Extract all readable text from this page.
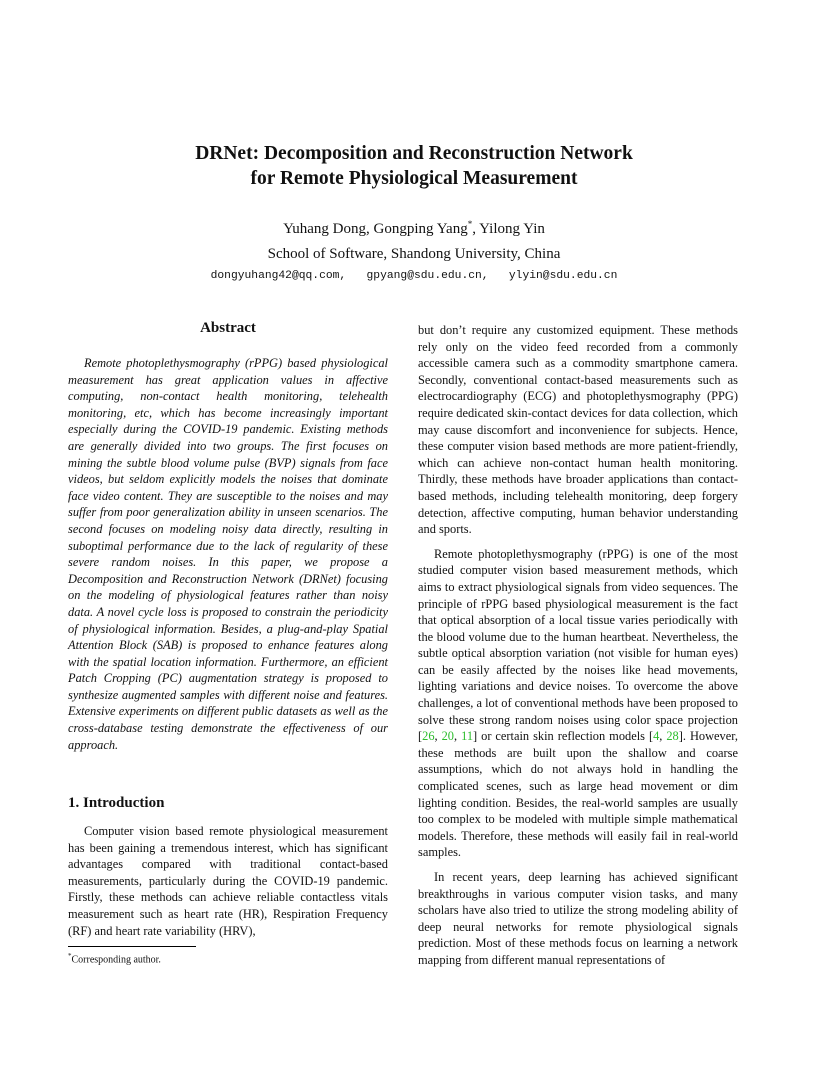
DRNet: Decomposition and Reconstruction Network
for Remote Physiological Measurement
Yuhang Dong, Gongping Yang*, Yilong Yin
School of Software, Shandong University, China
dongyuhang42@qq.com,   gpyang@sdu.edu.cn,   ylyin@sdu.edu.cn
Abstract

Remote photoplethysmography (rPPG) based physiological measurement has great application values in affective computing, non-contact health monitoring, telehealth monitoring, etc, which has become increasingly important especially during the COVID-19 pandemic. Existing methods are generally divided into two groups. The first focuses on mining the subtle blood volume pulse (BVP) signals from face videos, but seldom explicitly models the noises that dominate face video content. They are susceptible to the noises and may suffer from poor generalization ability in unseen scenarios. The second focuses on modeling noisy data directly, resulting in suboptimal performance due to the lack of regularity of these severe random noises. In this paper, we propose a Decomposition and Reconstruction Network (DRNet) focusing on the modeling of physiological features rather than noisy data. A novel cycle loss is proposed to constrain the periodicity of physiological information. Besides, a plug-and-play Spatial Attention Block (SAB) is proposed to enhance features along with the spatial location information. Furthermore, an efficient Patch Cropping (PC) augmentation strategy is proposed to synthesize augmented samples with different noise and features. Extensive experiments on different public datasets as well as the cross-database testing demonstrate the effectiveness of our approach.

1. Introduction

Computer vision based remote physiological measurement has been gaining a tremendous interest, which has significant advantages compared with traditional contact-based measurements, particularly during the COVID-19 pandemic. Firstly, these methods can achieve reliable contactless vitals measurement such as heart rate (HR), Respiration Frequency (RF) and heart rate variability (HRV),

*Corresponding author.

but don’t require any customized equipment. These methods rely only on the video feed recorded from a commonly accessible camera such as a commodity smartphone camera. Secondly, conventional contact-based measurements such as electrocardiography (ECG) and photoplethysmography (PPG) require dedicated skin-contact devices for data collection, which may cause discomfort and inconvenience for subjects. Hence, these computer vision based methods are more patient-friendly, which can achieve non-contact human health monitoring. Thirdly, these methods have broader applications than contact-based methods, including telehealth monitoring, deep forgery detection, affective computing, human behavior understanding and sports.

Remote photoplethysmography (rPPG) is one of the most studied computer vision based measurement methods, which aims to extract physiological signals from video sequences. The principle of rPPG based physiological measurement is the fact that optical absorption of a local tissue varies periodically with the blood volume due to the human heartbeat. Nevertheless, the subtle optical absorption variation (not visible for human eyes) can be easily affected by the noises like head movements, lighting variations and device noises. To overcome the above challenges, a lot of conventional methods have been proposed to solve these strong random noises using color space projection [26, 20, 11] or certain skin reflection models [4, 28]. However, these methods are built upon the shallow and coarse assumptions, which do not always hold in handling the complicated scenes, such as large head movement or dim lighting condition. Besides, the real-world samples are usually too complex to be modeled with multiple simple mathematical models. Therefore, these methods will easily fail in real-world samples.

In recent years, deep learning has achieved significant breakthroughs in various computer vision tasks, and many scholars have also tried to utilize the strong modeling ability of deep neural networks for remote physiological signals prediction. Most of these methods focus on learning a network mapping from different manual representations of
